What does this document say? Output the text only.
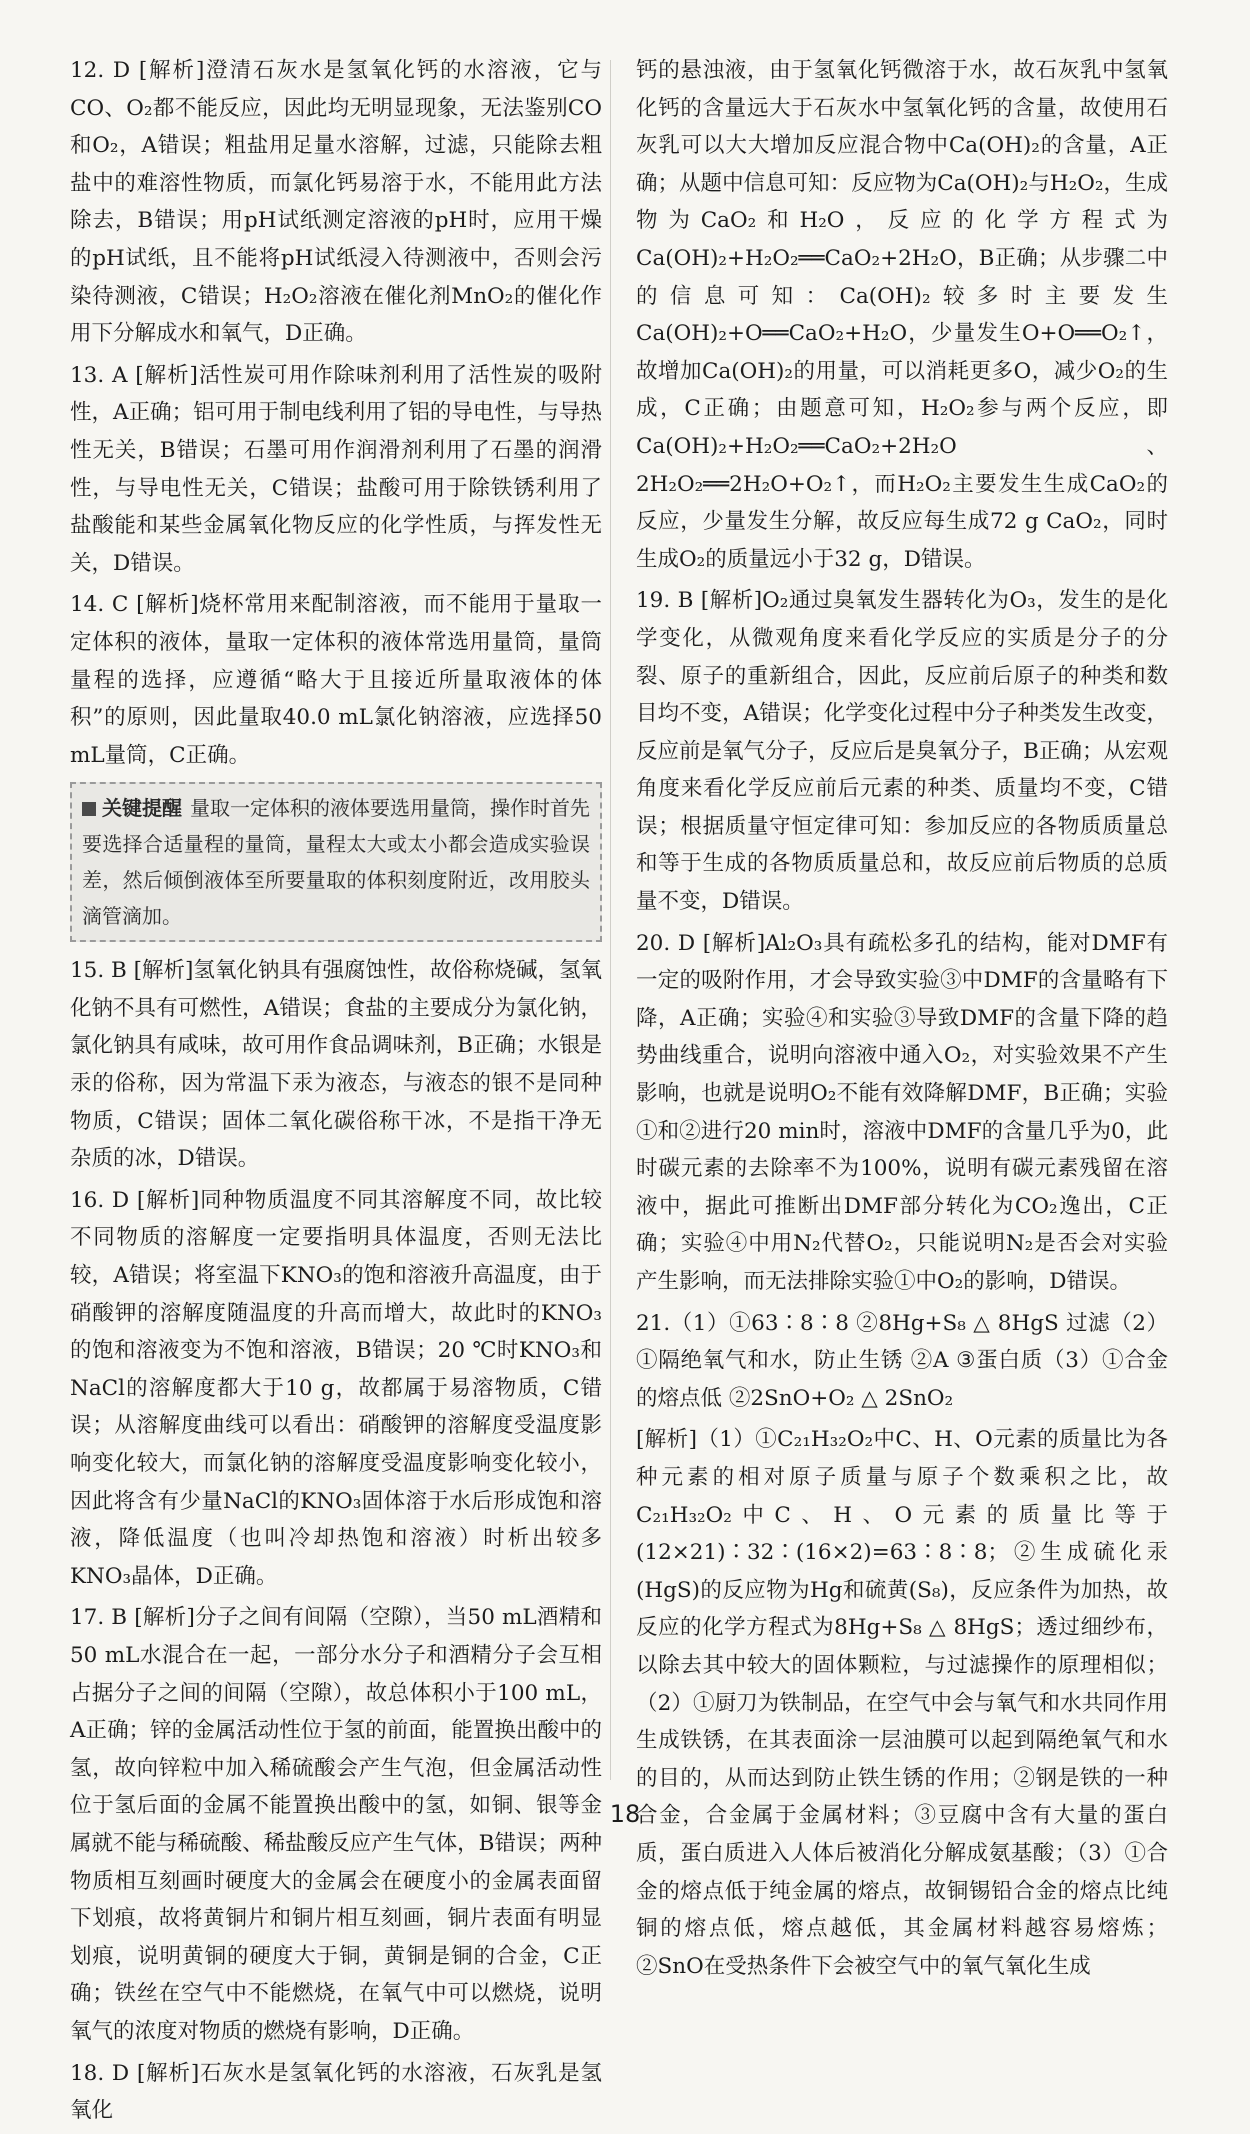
12. D [解析]澄清石灰水是氢氧化钙的水溶液，它与CO、O₂都不能反应，因此均无明显现象，无法鉴别CO和O₂，A错误；粗盐用足量水溶解，过滤，只能除去粗盐中的难溶性物质，而氯化钙易溶于水，不能用此方法除去，B错误；用pH试纸测定溶液的pH时，应用干燥的pH试纸，且不能将pH试纸浸入待测液中，否则会污染待测液，C错误；H₂O₂溶液在催化剂MnO₂的催化作用下分解成水和氧气，D正确。

13. A [解析]活性炭可用作除味剂利用了活性炭的吸附性，A正确；铝可用于制电线利用了铝的导电性，与导热性无关，B错误；石墨可用作润滑剂利用了石墨的润滑性，与导电性无关，C错误；盐酸可用于除铁锈利用了盐酸能和某些金属氧化物反应的化学性质，与挥发性无关，D错误。

14. C [解析]烧杯常用来配制溶液，而不能用于量取一定体积的液体，量取一定体积的液体常选用量筒，量筒量程的选择，应遵循“略大于且接近所量取液体的体积”的原则，因此量取40.0 mL氯化钠溶液，应选择50 mL量筒，C正确。

关键提醒 量取一定体积的液体要选用量筒，操作时首先要选择合适量程的量筒，量程太大或太小都会造成实验误差，然后倾倒液体至所要量取的体积刻度附近，改用胶头滴管滴加。

15. B [解析]氢氧化钠具有强腐蚀性，故俗称烧碱，氢氧化钠不具有可燃性，A错误；食盐的主要成分为氯化钠，氯化钠具有咸味，故可用作食品调味剂，B正确；水银是汞的俗称，因为常温下汞为液态，与液态的银不是同种物质，C错误；固体二氧化碳俗称干冰，不是指干净无杂质的冰，D错误。

16. D [解析]同种物质温度不同其溶解度不同，故比较不同物质的溶解度一定要指明具体温度，否则无法比较，A错误；将室温下KNO₃的饱和溶液升高温度，由于硝酸钾的溶解度随温度的升高而增大，故此时的KNO₃的饱和溶液变为不饱和溶液，B错误；20 ℃时KNO₃和NaCl的溶解度都大于10 g，故都属于易溶物质，C错误；从溶解度曲线可以看出：硝酸钾的溶解度受温度影响变化较大，而氯化钠的溶解度受温度影响变化较小，因此将含有少量NaCl的KNO₃固体溶于水后形成饱和溶液，降低温度（也叫冷却热饱和溶液）时析出较多KNO₃晶体，D正确。

17. B [解析]分子之间有间隔（空隙），当50 mL酒精和50 mL水混合在一起，一部分水分子和酒精分子会互相占据分子之间的间隔（空隙），故总体积小于100 mL，A正确；锌的金属活动性位于氢的前面，能置换出酸中的氢，故向锌粒中加入稀硫酸会产生气泡，但金属活动性位于氢后面的金属不能置换出酸中的氢，如铜、银等金属就不能与稀硫酸、稀盐酸反应产生气体，B错误；两种物质相互刻画时硬度大的金属会在硬度小的金属表面留下划痕，故将黄铜片和铜片相互刻画，铜片表面有明显划痕，说明黄铜的硬度大于铜，黄铜是铜的合金，C正确；铁丝在空气中不能燃烧，在氧气中可以燃烧，说明氧气的浓度对物质的燃烧有影响，D正确。

18. D [解析]石灰水是氢氧化钙的水溶液，石灰乳是氢氧化

钙的悬浊液，由于氢氧化钙微溶于水，故石灰乳中氢氧化钙的含量远大于石灰水中氢氧化钙的含量，故使用石灰乳可以大大增加反应混合物中Ca(OH)₂的含量，A正确；从题中信息可知：反应物为Ca(OH)₂与H₂O₂，生成物为CaO₂和H₂O，反应的化学方程式为Ca(OH)₂+H₂O₂══CaO₂+2H₂O，B正确；从步骤二中的信息可知：Ca(OH)₂较多时主要发生Ca(OH)₂+O══CaO₂+H₂O，少量发生O+O══O₂↑，故增加Ca(OH)₂的用量，可以消耗更多O，减少O₂的生成，C正确；由题意可知，H₂O₂参与两个反应，即Ca(OH)₂+H₂O₂══CaO₂+2H₂O、2H₂O₂══2H₂O+O₂↑，而H₂O₂主要发生生成CaO₂的反应，少量发生分解，故反应每生成72 g CaO₂，同时生成O₂的质量远小于32 g，D错误。

19. B [解析]O₂通过臭氧发生器转化为O₃，发生的是化学变化，从微观角度来看化学反应的实质是分子的分裂、原子的重新组合，因此，反应前后原子的种类和数目均不变，A错误；化学变化过程中分子种类发生改变，反应前是氧气分子，反应后是臭氧分子，B正确；从宏观角度来看化学反应前后元素的种类、质量均不变，C错误；根据质量守恒定律可知：参加反应的各物质质量总和等于生成的各物质质量总和，故反应前后物质的总质量不变，D错误。

20. D [解析]Al₂O₃具有疏松多孔的结构，能对DMF有一定的吸附作用，才会导致实验③中DMF的含量略有下降，A正确；实验④和实验③导致DMF的含量下降的趋势曲线重合，说明向溶液中通入O₂，对实验效果不产生影响，也就是说明O₂不能有效降解DMF，B正确；实验①和②进行20 min时，溶液中DMF的含量几乎为0，此时碳元素的去除率不为100%，说明有碳元素残留在溶液中，据此可推断出DMF部分转化为CO₂逸出，C正确；实验④中用N₂代替O₂，只能说明N₂是否会对实验产生影响，而无法排除实验①中O₂的影响，D错误。

21.（1）①63∶8∶8 ②8Hg+S₈ △ 8HgS 过滤（2）①隔绝氧气和水，防止生锈 ②A ③蛋白质（3）①合金的熔点低 ②2SnO+O₂ △ 2SnO₂

[解析]（1）①C₂₁H₃₂O₂中C、H、O元素的质量比为各种元素的相对原子质量与原子个数乘积之比，故C₂₁H₃₂O₂中C、H、O元素的质量比等于(12×21)∶32∶(16×2)=63∶8∶8；②生成硫化汞(HgS)的反应物为Hg和硫黄(S₈)，反应条件为加热，故反应的化学方程式为8Hg+S₈ △ 8HgS；透过细纱布，以除去其中较大的固体颗粒，与过滤操作的原理相似；（2）①厨刀为铁制品，在空气中会与氧气和水共同作用生成铁锈，在其表面涂一层油膜可以起到隔绝氧气和水的目的，从而达到防止铁生锈的作用；②钢是铁的一种合金，合金属于金属材料；③豆腐中含有大量的蛋白质，蛋白质进入人体后被消化分解成氨基酸；（3）①合金的熔点低于纯金属的熔点，故铜锡铅合金的熔点比纯铜的熔点低，熔点越低，其金属材料越容易熔炼；②SnO在受热条件下会被空气中的氧气氧化生成

18
